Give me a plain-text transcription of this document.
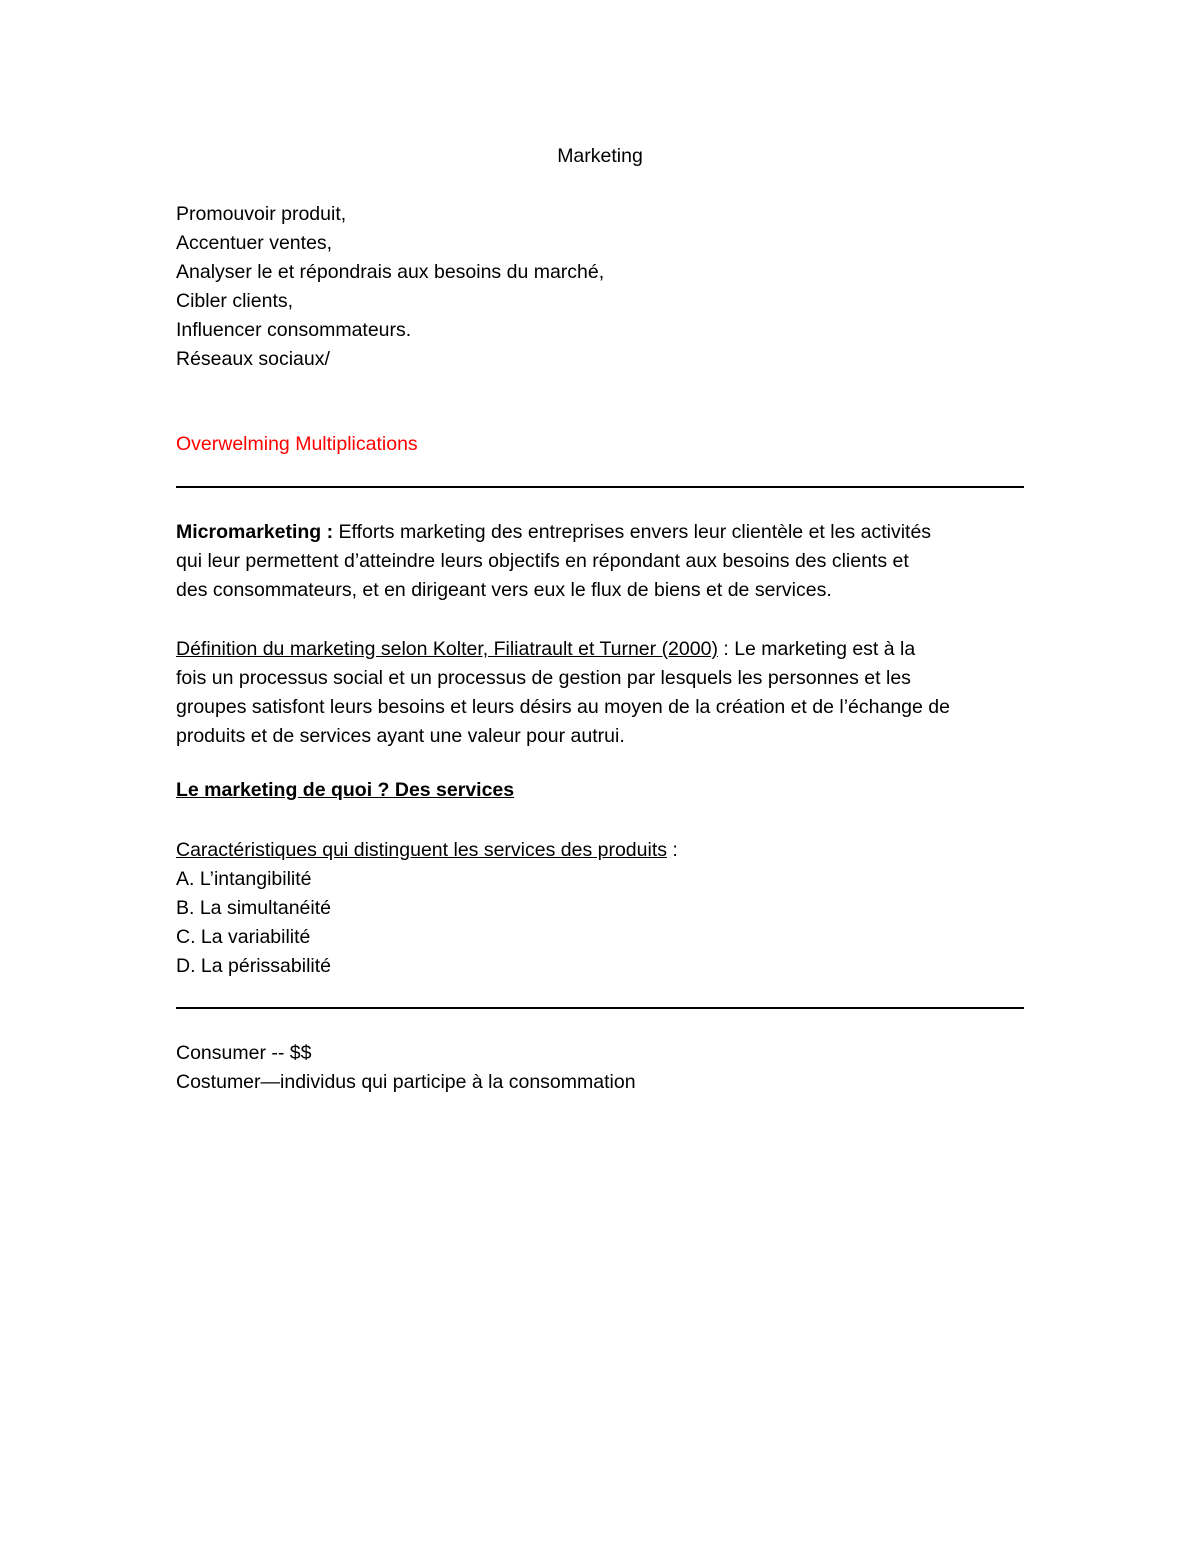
Marketing
Promouvoir produit,
Accentuer ventes,
Analyser le et répondrais aux besoins du marché,
Cibler clients,
Influencer consommateurs.
Réseaux sociaux/
Overwelming Multiplications
Micromarketing : Efforts marketing des entreprises envers leur clientèle et les activités
qui leur permettent d’atteindre leurs objectifs en répondant aux besoins des clients et
des consommateurs, et en dirigeant vers eux le flux de biens et de services.
Définition du marketing selon Kolter, Filiatrault et Turner (2000) : Le marketing est à la
fois un processus social et un processus de gestion par lesquels les personnes et les
groupes satisfont leurs besoins et leurs désirs au moyen de la création et de l’échange de
produits et de services ayant une valeur pour autrui.
Le marketing de quoi ? Des services
Caractéristiques qui distinguent les services des produits :
A. L’intangibilité
B. La simultanéité
C. La variabilité
D. La périssabilité
Consumer -- $$
Costumer—individus qui participe à la consommation
